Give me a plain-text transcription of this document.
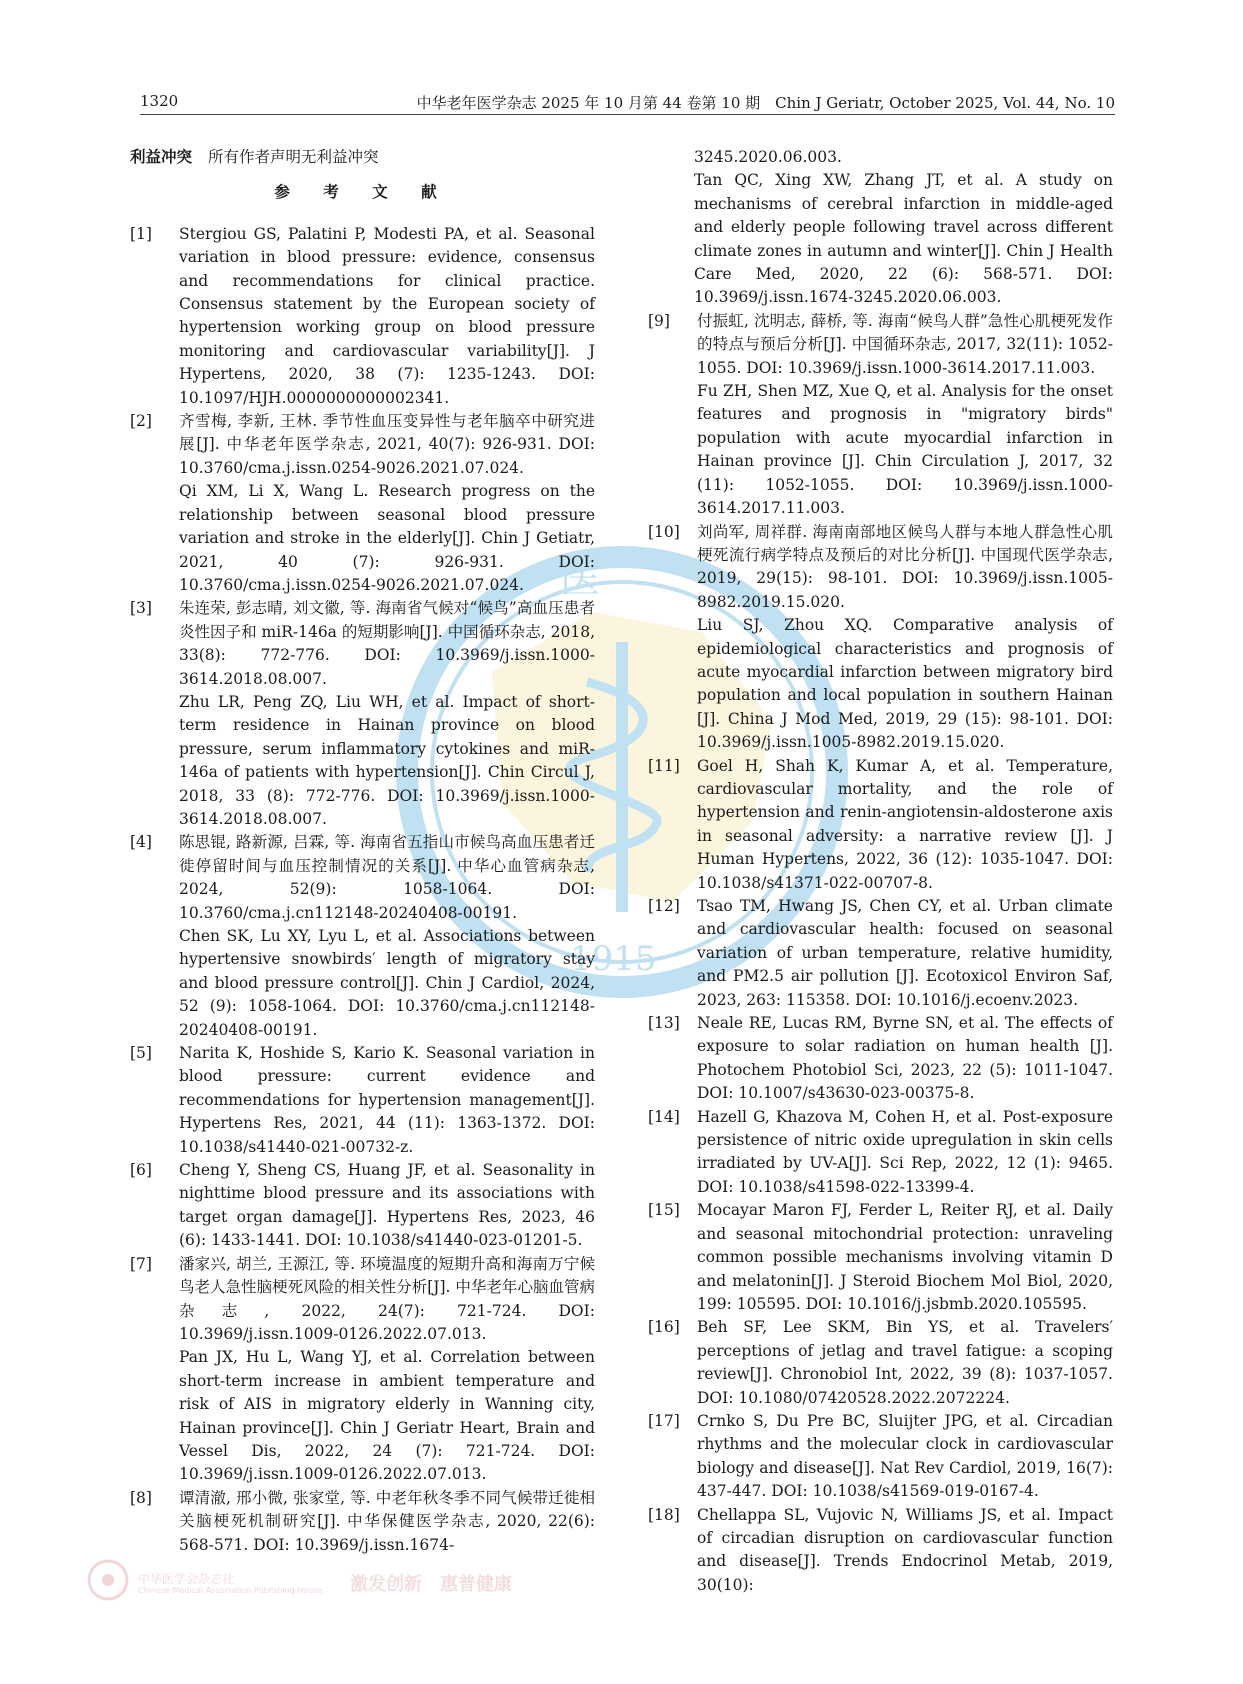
医
1915
1320	中华老年医学杂志 2025 年 10 月第 44 卷第 10 期　Chin J Geriatr, October 2025, Vol. 44, No. 10

利益冲突 所有作者声明无利益冲突

参 考 文 献
[1]	Stergiou GS, Palatini P, Modesti PA, et al. Seasonal variation in blood pressure: evidence, consensus and recommendations for clinical practice. Consensus statement by the European society of hypertension working group on blood pressure monitoring and cardiovascular variability[J]. J Hypertens, 2020, 38 (7): 1235-1243. DOI: 10.1097/HJH.0000000000002341.

[2]	齐雪梅, 李新, 王林. 季节性血压变异性与老年脑卒中研究进展[J]. 中华老年医学杂志, 2021, 40(7): 926-931. DOI: 10.3760/cma.j.issn.0254-9026.2021.07.024.

Qi XM, Li X, Wang L. Research progress on the relationship between seasonal blood pressure variation and stroke in the elderly[J]. Chin J Getiatr, 2021, 40 (7): 926-931. DOI: 10.3760/cma.j.issn.0254-9026.2021.07.024.

[3]	朱连荣, 彭志晴, 刘文徽, 等. 海南省气候对“候鸟”高血压患者炎性因子和 miR-146a 的短期影响[J]. 中国循环杂志, 2018, 33(8): 772-776. DOI: 10.3969/j.issn.1000-3614.2018.08.007.

Zhu LR, Peng ZQ, Liu WH, et al. Impact of short-term residence in Hainan province on blood pressure, serum inflammatory cytokines and miR-146a of patients with hypertension[J]. Chin Circul J, 2018, 33 (8): 772-776. DOI: 10.3969/j.issn.1000-3614.2018.08.007.

[4]	陈思锟, 路新源, 吕霖, 等. 海南省五指山市候鸟高血压患者迁徙停留时间与血压控制情况的关系[J]. 中华心血管病杂志, 2024, 52(9): 1058-1064. DOI: 10.3760/cma.j.cn112148-20240408-00191.

Chen SK, Lu XY, Lyu L, et al. Associations between hypertensive snowbirds′ length of migratory stay and blood pressure control[J]. Chin J Cardiol, 2024, 52 (9): 1058-1064. DOI: 10.3760/cma.j.cn112148-20240408-00191.

[5]	Narita K, Hoshide S, Kario K. Seasonal variation in blood pressure: current evidence and recommendations for hypertension management[J]. Hypertens Res, 2021, 44 (11): 1363-1372. DOI: 10.1038/s41440-021-00732-z.

[6]	Cheng Y, Sheng CS, Huang JF, et al. Seasonality in nighttime blood pressure and its associations with target organ damage[J]. Hypertens Res, 2023, 46 (6): 1433-1441. DOI: 10.1038/s41440-023-01201-5.

[7]	潘家兴, 胡兰, 王源江, 等. 环境温度的短期升高和海南万宁候鸟老人急性脑梗死风险的相关性分析[J]. 中华老年心脑血管病杂志, 2022, 24(7): 721-724. DOI: 10.3969/j.issn.1009-0126.2022.07.013.

Pan JX, Hu L, Wang YJ, et al. Correlation between short-term increase in ambient temperature and risk of AIS in migratory elderly in Wanning city, Hainan province[J]. Chin J Geriatr Heart, Brain and Vessel Dis, 2022, 24 (7): 721-724. DOI: 10.3969/j.issn.1009-0126.2022.07.013.

[8]	谭清澈, 邢小微, 张家堂, 等. 中老年秋冬季不同气候带迁徙相关脑梗死机制研究[J]. 中华保健医学杂志, 2020, 22(6): 568-571. DOI: 10.3969/j.issn.1674-

3245.2020.06.003.

Tan QC, Xing XW, Zhang JT, et al. A study on mechanisms of cerebral infarction in middle-aged and elderly people following travel across different climate zones in autumn and winter[J]. Chin J Health Care Med, 2020, 22 (6): 568-571. DOI: 10.3969/j.issn.1674-3245.2020.06.003.

[9]	付振虹, 沈明志, 薛桥, 等. 海南“候鸟人群”急性心肌梗死发作的特点与预后分析[J]. 中国循环杂志, 2017, 32(11): 1052-1055. DOI: 10.3969/j.issn.1000-3614.2017.11.003.

Fu ZH, Shen MZ, Xue Q, et al. Analysis for the onset features and prognosis in "migratory birds" population with acute myocardial infarction in Hainan province [J]. Chin Circulation J, 2017, 32 (11): 1052-1055. DOI: 10.3969/j.issn.1000-3614.2017.11.003.

[10]	刘尚军, 周祥群. 海南南部地区候鸟人群与本地人群急性心肌梗死流行病学特点及预后的对比分析[J]. 中国现代医学杂志, 2019, 29(15): 98-101. DOI: 10.3969/j.issn.1005-8982.2019.15.020.

Liu SJ, Zhou XQ. Comparative analysis of epidemiological characteristics and prognosis of acute myocardial infarction between migratory bird population and local population in southern Hainan [J]. China J Mod Med, 2019, 29 (15): 98-101. DOI: 10.3969/j.issn.1005-8982.2019.15.020.

[11]	Goel H, Shah K, Kumar A, et al. Temperature, cardiovascular mortality, and the role of hypertension and renin-angiotensin-aldosterone axis in seasonal adversity: a narrative review [J]. J Human Hypertens, 2022, 36 (12): 1035-1047. DOI: 10.1038/s41371-022-00707-8.

[12]	Tsao TM, Hwang JS, Chen CY, et al. Urban climate and cardiovascular health: focused on seasonal variation of urban temperature, relative humidity, and PM2.5 air pollution [J]. Ecotoxicol Environ Saf, 2023, 263: 115358. DOI: 10.1016/j.ecoenv.2023.

[13]	Neale RE, Lucas RM, Byrne SN, et al. The effects of exposure to solar radiation on human health [J]. Photochem Photobiol Sci, 2023, 22 (5): 1011-1047. DOI: 10.1007/s43630-023-00375-8.

[14]	Hazell G, Khazova M, Cohen H, et al. Post-exposure persistence of nitric oxide upregulation in skin cells irradiated by UV-A[J]. Sci Rep, 2022, 12 (1): 9465. DOI: 10.1038/s41598-022-13399-4.

[15]	Mocayar Maron FJ, Ferder L, Reiter RJ, et al. Daily and seasonal mitochondrial protection: unraveling common possible mechanisms involving vitamin D and melatonin[J]. J Steroid Biochem Mol Biol, 2020, 199: 105595. DOI: 10.1016/j.jsbmb.2020.105595.

[16]	Beh SF, Lee SKM, Bin YS, et al. Travelers′ perceptions of jetlag and travel fatigue: a scoping review[J]. Chronobiol Int, 2022, 39 (8): 1037-1057. DOI: 10.1080/07420528.2022.2072224.

[17]	Crnko S, Du Pre BC, Sluijter JPG, et al. Circadian rhythms and the molecular clock in cardiovascular biology and disease[J]. Nat Rev Cardiol, 2019, 16(7): 437-447. DOI: 10.1038/s41569-019-0167-4.

[18]	Chellappa SL, Vujovic N, Williams JS, et al. Impact of circadian disruption on cardiovascular function and disease[J]. Trends Endocrinol Metab, 2019, 30(10):

中华医学会杂志社
Chinese Medical Association Publishing House 激发创新　惠普健康
